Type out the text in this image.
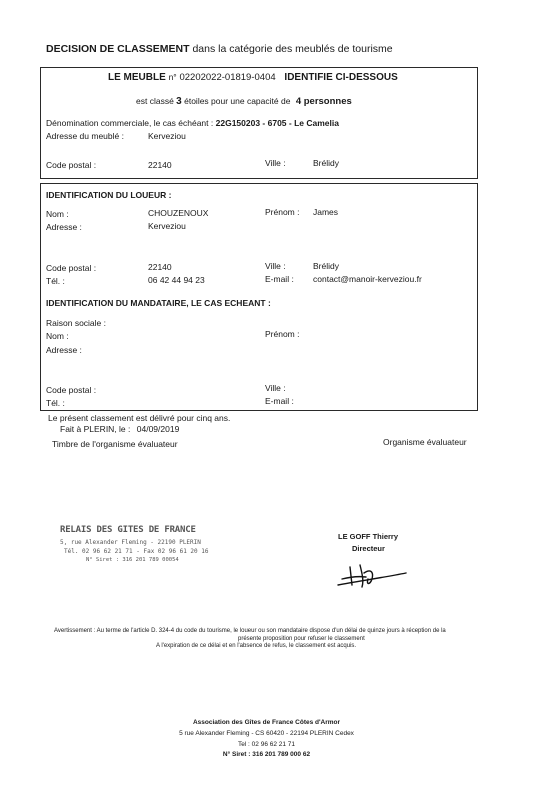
DECISION DE CLASSEMENT dans la catégorie des meublés de tourisme
LE MEUBLE n° 02202022-01819-0404 IDENTIFIE CI-DESSOUS
est classé 3 étoiles pour une capacité de 4 personnes
Dénomination commerciale, le cas échéant : 22G150203 - 6705 - Le Camelia
Adresse du meublé :	Kerveziou
Code postal :	22140	Ville :	Brélidy
IDENTIFICATION DU LOUEUR :
Nom :	CHOUZENOUX	Prénom : James
Adresse :	Kerveziou
Code postal :	22140	Ville :	Brélidy
Tél. :	06 42 44 94 23	E-mail : contact@manoir-kerveziou.fr
IDENTIFICATION DU MANDATAIRE, LE CAS ECHEANT :
Raison sociale :
Nom :	Prénom :
Adresse :
Code postal :	Ville :
Tél. :	E-mail :
Le présent classement est délivré pour cinq ans.
Fait à PLERIN, le : 04/09/2019
Timbre de l'organisme évaluateur	Organisme évaluateur
RELAIS DES GITES DE FRANCE
5, rue Alexander Fleming - 22190 PLERIN
Tél. 02 96 62 21 71 - Fax 02 96 61 20 16
N° Siret : 316 201 789 00054
LE GOFF Thierry
Directeur
Avertissement : Au terme de l'article D. 324-4 du code du tourisme, le loueur ou son mandataire dispose d'un délai de quinze jours à réception de la
présente proposition pour refuser le classement
A l'expiration de ce délai et en l'absence de refus, le classement est acquis.
Association des Gîtes de France Côtes d'Armor
5 rue Alexander Fleming - CS 60420 - 22194 PLERIN Cedex
Tel : 02 96 62 21 71
N° Siret : 316 201 789 000 62
